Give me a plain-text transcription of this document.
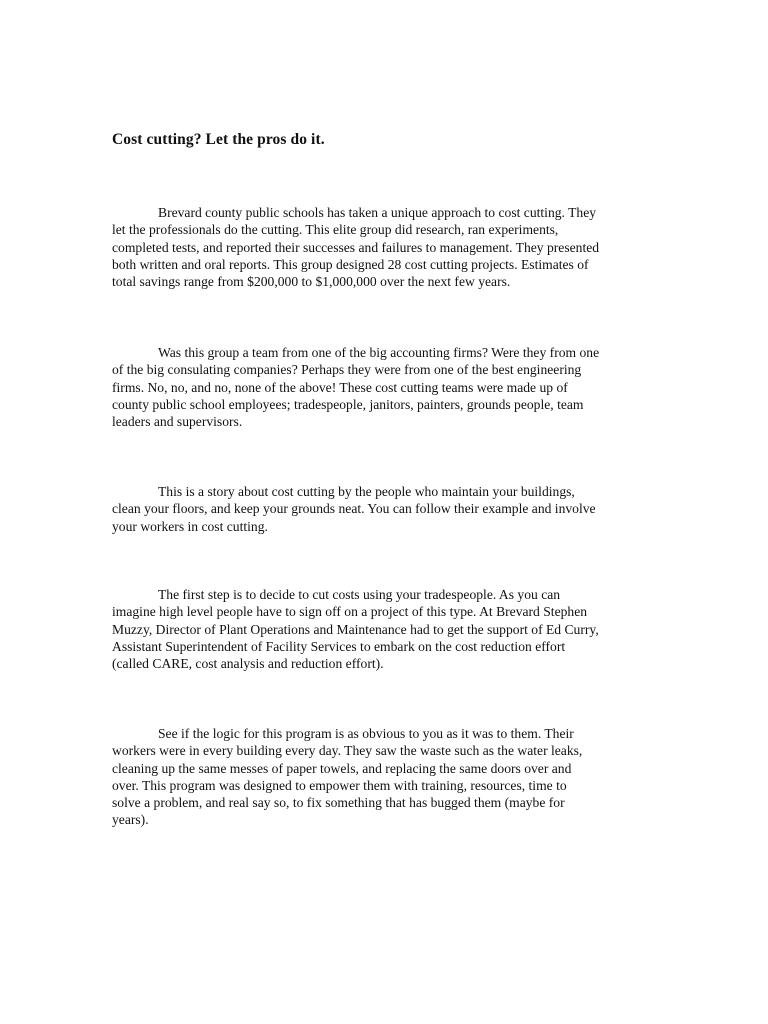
Cost cutting? Let the pros do it.

Brevard county public schools has taken a unique approach to cost cutting. They
let the professionals do the cutting. This elite group did research, ran experiments,
completed tests, and reported their successes and failures to management. They presented
both written and oral reports. This group designed 28 cost cutting projects. Estimates of
total savings range from $200,000 to $1,000,000 over the next few years.

Was this group a team from one of the big accounting firms? Were they from one
of the big consulating companies? Perhaps they were from one of the best engineering
firms. No, no, and no, none of the above! These cost cutting teams were made up of
county public school employees; tradespeople, janitors, painters, grounds people, team
leaders and supervisors.

This is a story about cost cutting by the people who maintain your buildings,
clean your floors, and keep your grounds neat. You can follow their example and involve
your workers in cost cutting.

The first step is to decide to cut costs using your tradespeople. As you can
imagine high level people have to sign off on a project of this type. At Brevard Stephen
Muzzy, Director of Plant Operations and Maintenance had to get the support of Ed Curry,
Assistant Superintendent of Facility Services to embark on the cost reduction effort
(called CARE, cost analysis and reduction effort).

See if the logic for this program is as obvious to you as it was to them. Their
workers were in every building every day. They saw the waste such as the water leaks,
cleaning up the same messes of paper towels, and replacing the same doors over and
over. This program was designed to empower them with training, resources, time to
solve a problem, and real say so, to fix something that has bugged them (maybe for
years).
